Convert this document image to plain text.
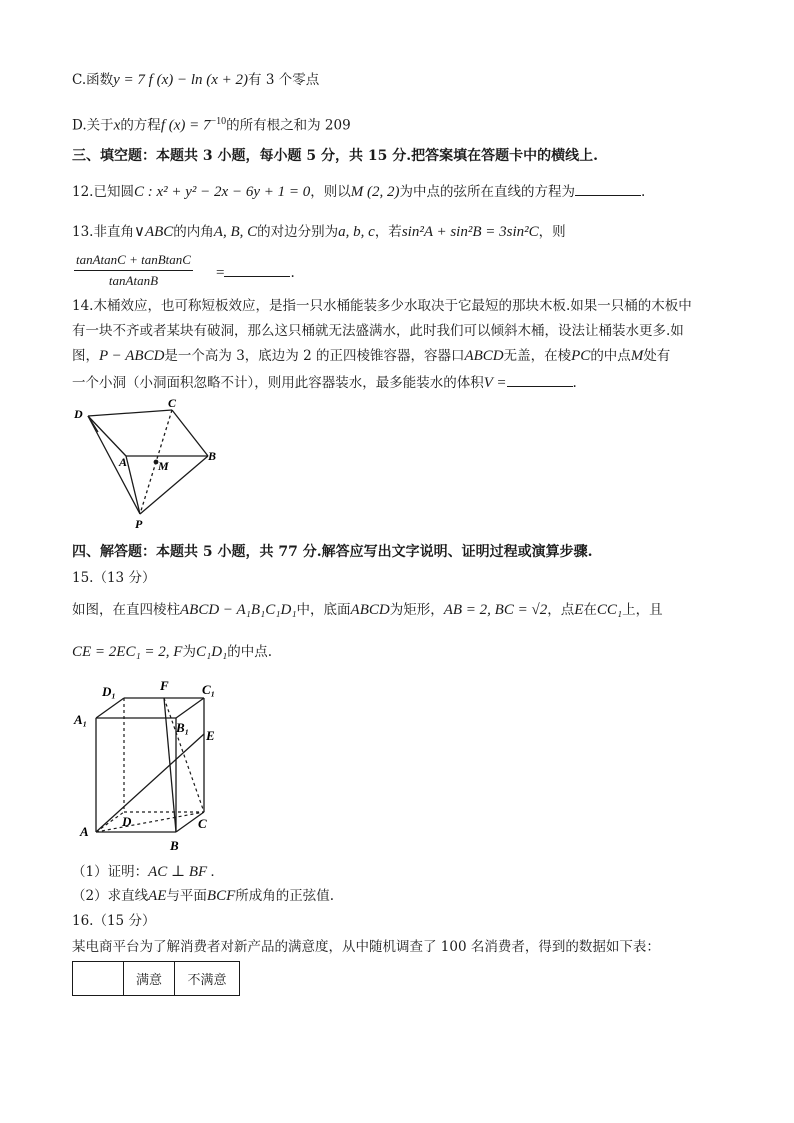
C.函数y = 7 f (x) − ln (x + 2)有 3 个零点
D.关于x的方程f $(x) = 7^{-10}$的所有根之和为 209
三、填空题：本题共 3 小题，每小题 5 分，共 15 分.把答案填在答题卡中的横线上.
12.已知圆C : x² + y² − 2x − 6y + 1 = 0，则以M (2, 2)为中点的弦所在直线的方程为	.
13.非直角∨ABC的内角A, B, C的对边分别为a, b, c，若sin²A + sin²B = 3sin²C，则
tanAtanC + tanBtanC
tanAtanB	=	.
14.木桶效应，也可称短板效应，是指一只水桶能装多少水取决于它最短的那块木板.如果一只桶的木板中
有一块不齐或者某块有破洞，那么这只桶就无法盛满水，此时我们可以倾斜木桶，设法让桶装水更多.如
图，P − ABCD是一个高为 3，底边为 2 的正四棱锥容器，容器口ABCD无盖，在棱PC的中点M处有
一个小洞（小洞面积忽略不计），则用此容器装水，最多能装水的体积V =	.
D
C
A	M
B
P
四、解答题：本题共 5 小题，共 77 分.解答应写出文字说明、证明过程或演算步骤.
15.（13 分）
如图，在直四棱柱ABCD − A₁B₁C₁D₁中，底面ABCD为矩形，AB = 2, BC = √2，点E在CC₁上，且
CE = 2EC₁ = 2, F为C₁D₁的中点.
D₁	F	C₁
A₁
B₁
E
D
A
C
B
（1）证明：AC ⊥ BF .
（2）求直线AE与平面BCF所成角的正弦值.
16.（15 分）
某电商平台为了解消费者对新产品的满意度，从中随机调查了 100 名消费者，得到的数据如下表：
	满意	不满意
